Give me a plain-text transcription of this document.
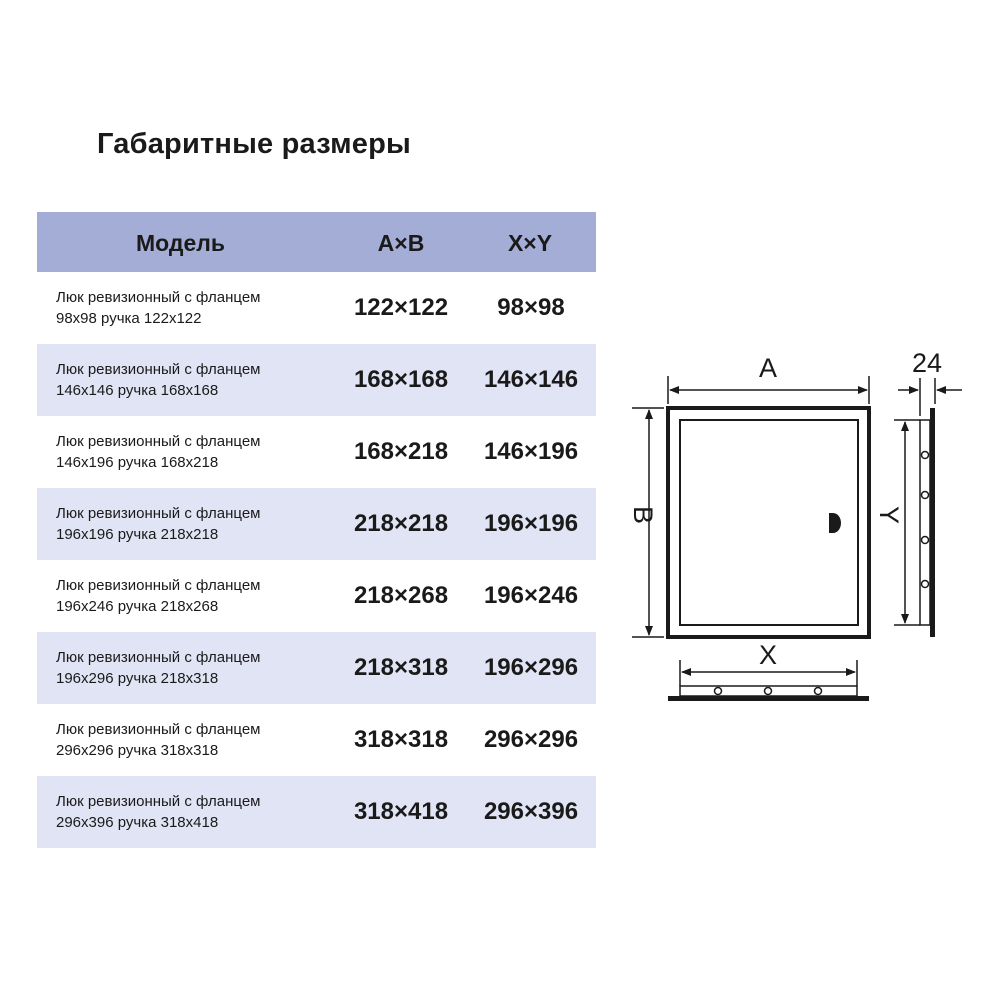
Габаритные размеры
Модель	A×B	X×Y
Люк ревизионный с фланцем
98х98 ручка 122х122	122×122	98×98
Люк ревизионный с фланцем
146х146 ручка 168х168	168×168	146×146
Люк ревизионный с фланцем
146х196 ручка 168х218	168×218	146×196
Люк ревизионный с фланцем
196х196 ручка 218х218	218×218	196×196
Люк ревизионный с фланцем
196х246 ручка 218х268	218×268	196×246
Люк ревизионный с фланцем
196х296 ручка 218х318	218×318	196×296
Люк ревизионный с фланцем
296х296 ручка 318х318	318×318	296×296
Люк ревизионный с фланцем
296х396 ручка 318х418	318×418	296×396
A
B
X
Y
24
